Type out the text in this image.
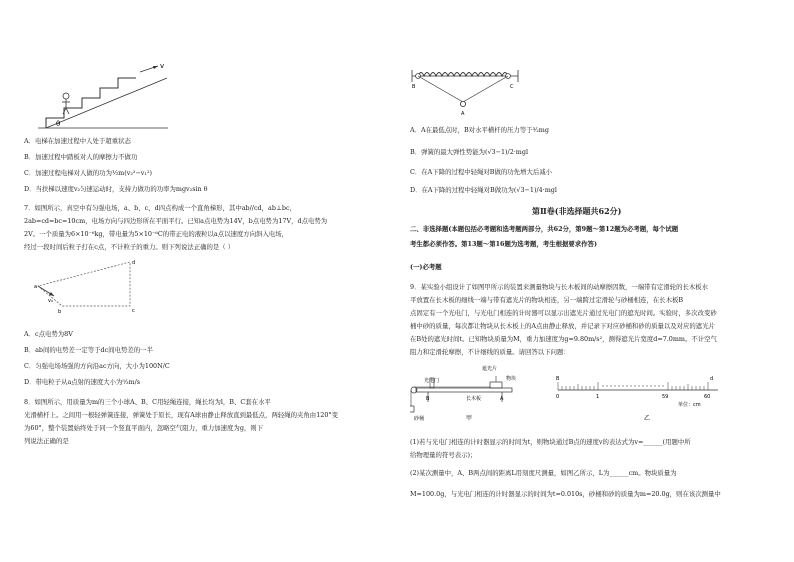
v
θ
A．电梯在加速过程中人处于超重状态
B．加速过程中踏板对人的摩擦力不做功
C．加速过程电梯对人做的功为½m(v₂²−v₁²)
D．当扶梯以速度v₂匀速运动时，支持力做功的功率为mgv₂sin θ
7．如图所示，真空中有匀强电场，a、b、c、d四点构成一个直角梯形，其中ab//cd，ab⊥bc，
2ab=cd=bc=10cm，电场方向与四边形所在平面平行。已知a点电势为14V，b点电势为17V，d点电势为
2V。一个质量为6×10⁻⁶kg，带电量为5×10⁻⁶C的带正电的液粒以a点以速度方向斜入电场，
经过一段时间后粒子打在c点，不计粒子的重力。则下列说法正确的是（ ）
a
b	c
d
v₀
A．c点电势为8V
B．ab间的电势差一定等于dc间电势差的一半
C．匀强电场场强的方向沿ac方向，大小为100N/C
D．带电粒子从a点射的速度大小为⁵⁄₃m/s
8．如图所示，用质量为m的三个小球A、B、C用轻绳连接，绳长均为l，B、C套在水平
光滑横杆上。之间用一根轻弹簧连接，弹簧处于原长，现有A球由静止释放直到最低点，两轻绳的夹角由120°变
为60°，整个装置始终处于同一个竖直平面内，忽略空气阻力，重力加速度为g，则下
列说法正确的是
B	C
A
A．A在最低点时，B对水平横杆的压力等于³⁄₂mg
B．弹簧的最大弹性势能为(√3−1)/2·mgl
C．在A下降的过程中轻绳对B做的功先增大后减小
D．在A下降的过程中轻绳对B做功为(√3−1)/4·mgl
第Ⅱ卷(非选择题共62分)
二、非选择题(本题包括必考题和选考题两部分，共62分，第9题～第12题为必考题，每个试题
考生都必须作答。第13题～第16题为选考题，考生根据要求作答)
(一)必考题
9．某实验小组设计了如图甲所示的装置来测量物块与长木板间的动摩擦因数，一端带有定滑轮的长木板水
平放置在长木板的细线一端与带有遮光片的物块相连，另一端跨过定滑轮与砂桶相连，在长木板B
点固定有一个光电门，与光电门相连的计时器可以显示出遮光片通过光电门的遮光时间。实验时，多次改变砂
桶中砂的质量，每次都让物块从长木板上的A点由静止释放，并记录下对应砂桶和砂的质量以及对应的遮光片
在B处的遮光时间t。已知物块质量为M，重力加速度为g=9.80m/s²，测得遮光片宽度d=7.0mm。不计空气
阻力和定滑轮摩擦，不计细线的质量。请回答以下问题：
光电门
遮光片
物块
长木板
砂桶
B	A
甲
B	d
0	1	59	60
单位：cm
乙
(1)若与光电门相连的计时器显示的时间为t，则物块通过B点的速度v的表达式为v=______(用题中所
给物理量的符号表示)；
(2)某次测量中，A、B两点间的距离L用刻度尺测量，如图乙所示，L为______cm。物块质量为
M=100.0g，与光电门相连的计时器显示的时间为t=0.010s，砂桶和砂的质量为m=20.0g，则在该次测量中
